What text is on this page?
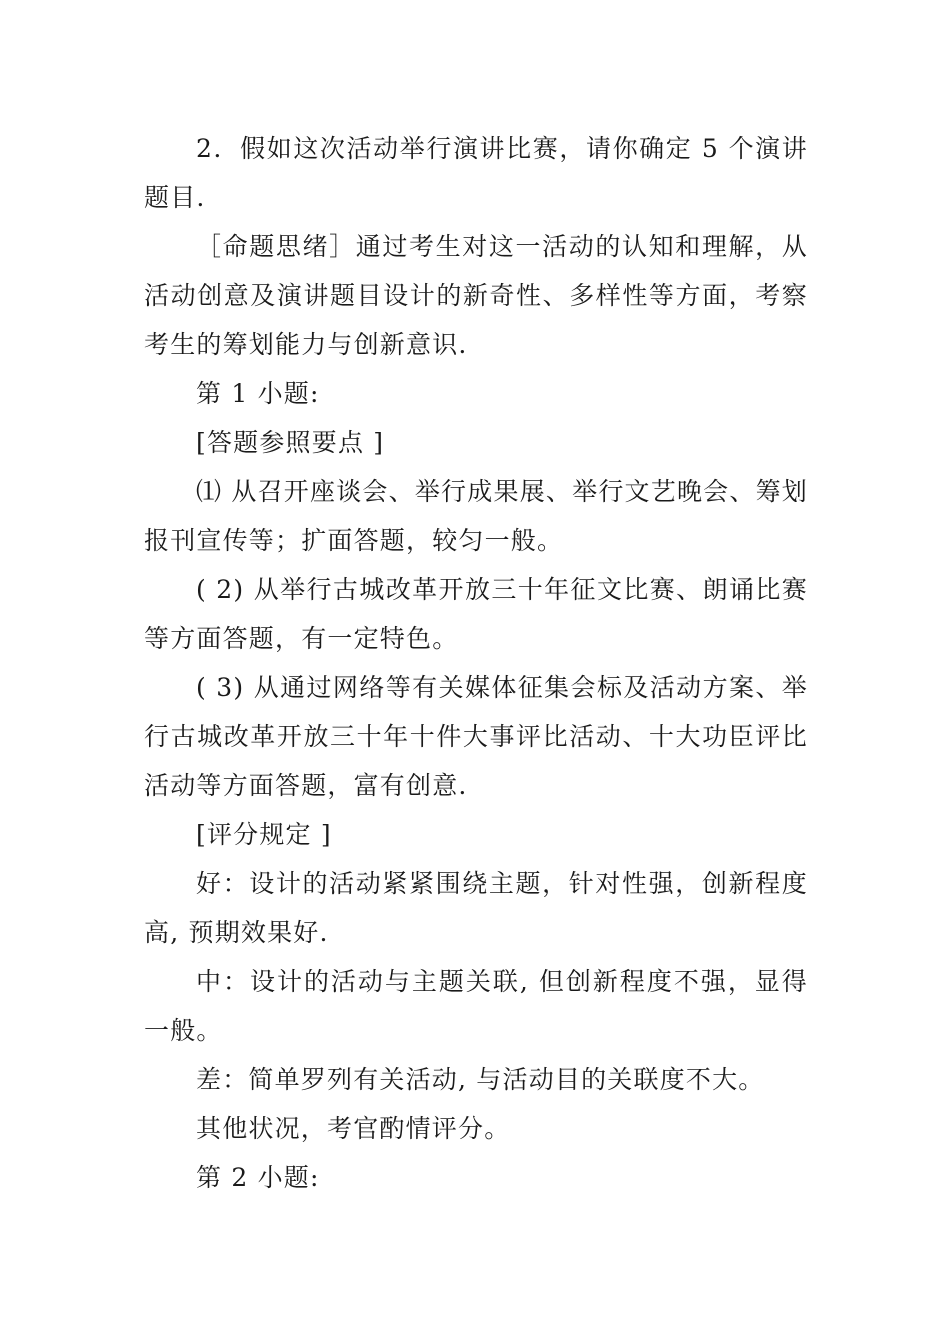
2．假如这次活动举行演讲比赛，请你确定 5 个演讲题目.

［命题思绪］通过考生对这一活动的认知和理解，从活动创意及演讲题目设计的新奇性、多样性等方面，考察考生的筹划能力与创新意识.

第 1 小题:

[答题参照要点 ]

⑴ 从召开座谈会、举行成果展、举行文艺晚会、筹划报刊宣传等；扩面答题，较匀一般。

( 2) 从举行古城改革开放三十年征文比赛、朗诵比赛等方面答题，有一定特色。

( 3) 从通过网络等有关媒体征集会标及活动方案、举行古城改革开放三十年十件大事评比活动、十大功臣评比活动等方面答题，富有创意.

[评分规定 ]

好：设计的活动紧紧围绕主题，针对性强，创新程度高, 预期效果好.

中：设计的活动与主题关联, 但创新程度不强，显得一般。

差：简单罗列有关活动, 与活动目的关联度不大。

其他状况，考官酌情评分。

第 2 小题:
